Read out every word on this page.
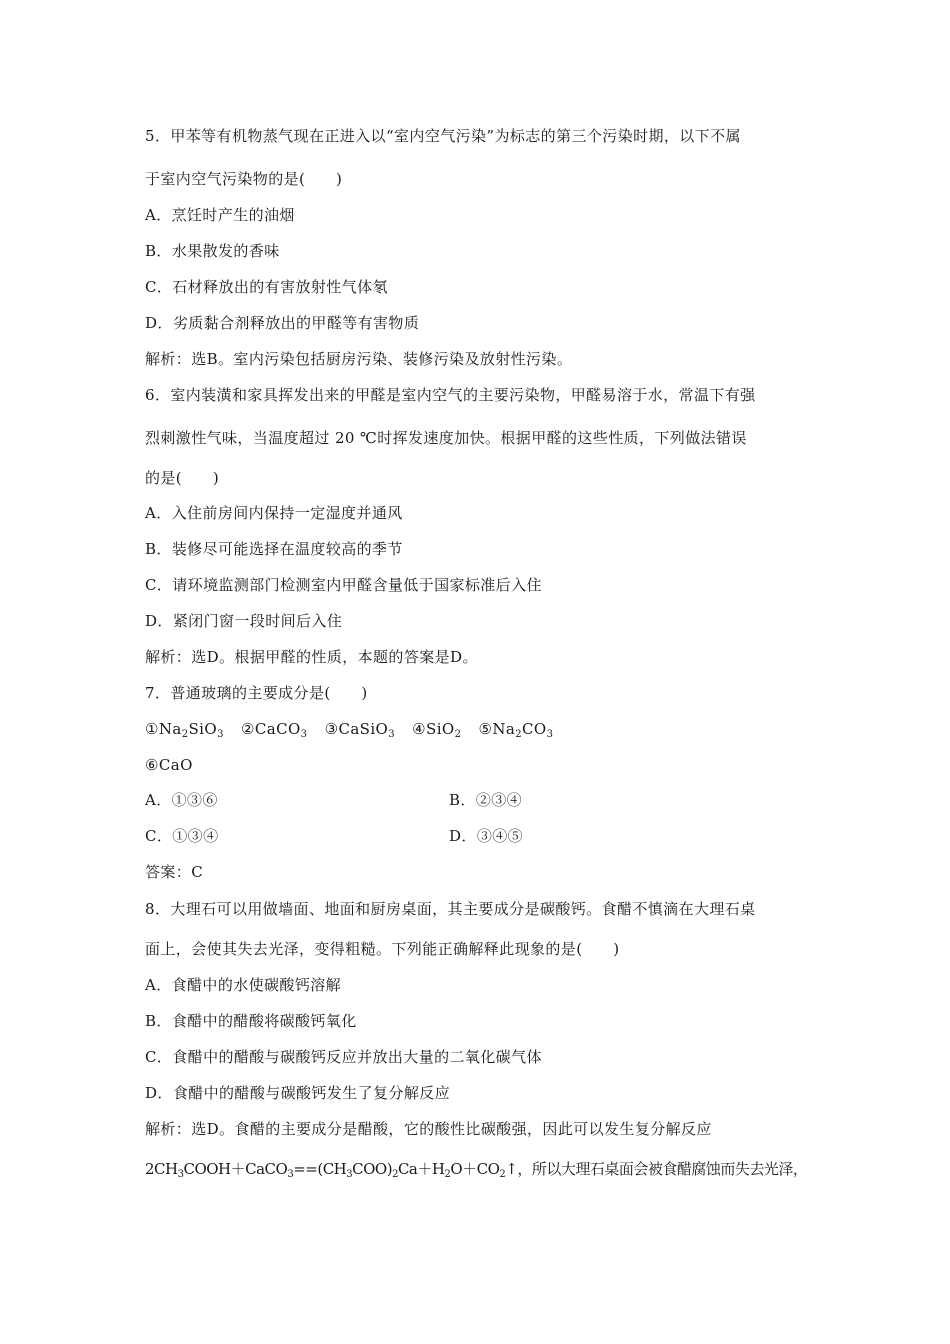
5．甲苯等有机物蒸气现在正进入以“室内空气污染”为标志的第三个污染时期，以下不属
于室内空气污染物的是(　　)
A．烹饪时产生的油烟
B．水果散发的香味
C．石材释放出的有害放射性气体氡
D．劣质黏合剂释放出的甲醛等有害物质
解析：选B。室内污染包括厨房污染、装修污染及放射性污染。
6．室内装潢和家具挥发出来的甲醛是室内空气的主要污染物，甲醛易溶于水，常温下有强
烈刺激性气味，当温度超过 20 ℃时挥发速度加快。根据甲醛的这些性质，下列做法错误
的是(　　)
A．入住前房间内保持一定湿度并通风
B．装修尽可能选择在温度较高的季节
C．请环境监测部门检测室内甲醛含量低于国家标准后入住
D．紧闭门窗一段时间后入住
解析：选D。根据甲醛的性质，本题的答案是D。
7．普通玻璃的主要成分是(　　)
$①Na_2SiO_3$ ②CaCO$_3$ ③CaSiO$_3$ ④SiO$_2$ $⑤Na_2CO_3$
⑥CaO
A．①③⑥	B．②③④
C．①③④	D．③④⑤
答案：C
8．大理石可以用做墙面、地面和厨房桌面，其主要成分是碳酸钙。食醋不慎滴在大理石桌
面上，会使其失去光泽，变得粗糙。下列能正确解释此现象的是(　　)
A．食醋中的水使碳酸钙溶解
B．食醋中的醋酸将碳酸钙氧化
C．食醋中的醋酸与碳酸钙反应并放出大量的二氧化碳气体
D．食醋中的醋酸与碳酸钙发生了复分解反应
解析：选D。食醋的主要成分是醋酸，它的酸性比碳酸强，因此可以发生复分解反应
$2CH_3COOH+CaCO_3==(CH_3COO)_2Ca+H_2O+CO_2↑$，所以大理石桌面会被食醋腐蚀而失去光泽，
